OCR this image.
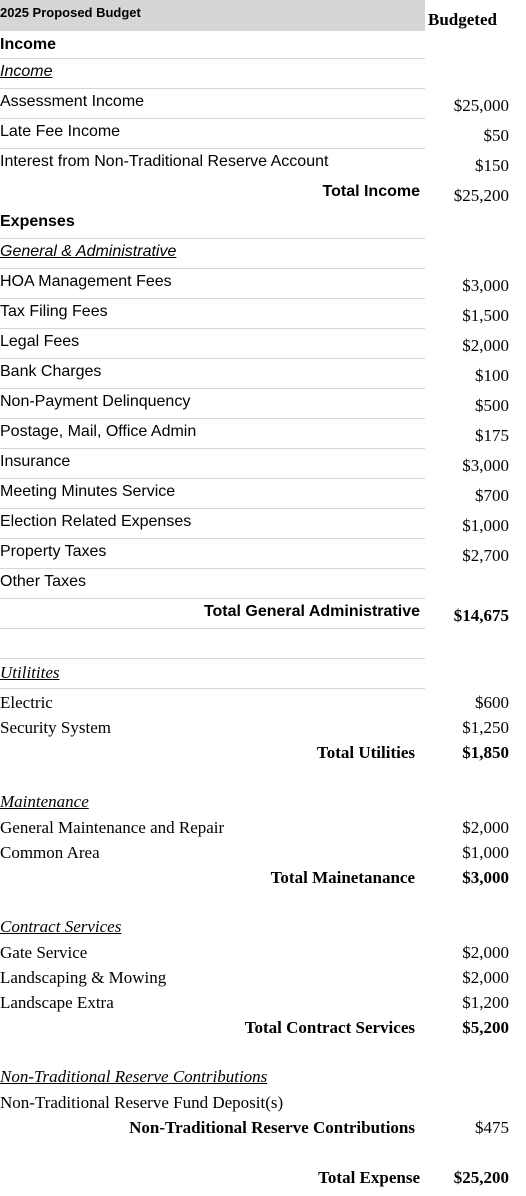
2025 Proposed Budget	Budgeted
Income
Income
Assessment Income	$25,000
Late Fee Income	$50
Interest from Non-Traditional Reserve Account	$150
Total Income $25,200
Expenses
General & Administrative
HOA Management Fees	$3,000
Tax Filing Fees	$1,500
Legal Fees	$2,000
Bank Charges	$100
Non-Payment Delinquency	$500
Postage, Mail, Office Admin	$175
Insurance	$3,000
Meeting Minutes Service	$700
Election Related Expenses	$1,000
Property Taxes	$2,700
Other Taxes
Total General Administrative $14,675
Utilitites
Electric	$600
Security System	$1,250
Total Utilities	$1,850
Maintenance
General Maintenance and Repair	$2,000
Common Area	$1,000
Total Mainetanance	$3,000
Contract Services
Gate Service	$2,000
Landscaping & Mowing	$2,000
Landscape Extra	$1,200
Total Contract Services	$5,200
Non-Traditional Reserve Contributions
Non-Traditional Reserve Fund Deposit(s)
Non-Traditional Reserve Contributions	$475
Total Expense $25,200
